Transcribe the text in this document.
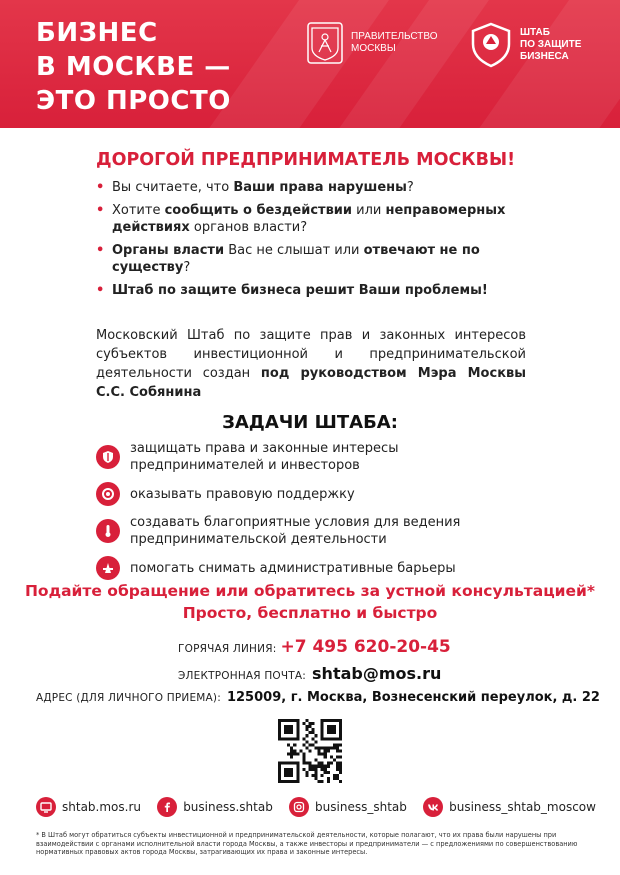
БИЗНЕС
В МОСКВЕ —
ЭТО ПРОСТО
ПРАВИТЕЛЬСТВО
МОСКВЫ
ШТАБ
ПО ЗАЩИТЕ
БИЗНЕСА
ДОРОГОЙ ПРЕДПРИНИМАТЕЛЬ МОСКВЫ!
• Вы считаете, что Ваши права нарушены?
• Хотите сообщить о бездействии или неправомерных действиях органов власти?
• Органы власти Вас не слышат или отвечают не по существу?
• Штаб по защите бизнеса решит Ваши проблемы!
Московский Штаб по защите прав и законных интересов субъектов инвестиционной и предпринимательской деятельности создан под руководством Мэра Москвы С.С. Собянина
ЗАДАЧИ ШТАБА:
защищать права и законные интересы предпринимателей и инвесторов
оказывать правовую поддержку
создавать благоприятные условия для ведения предпринимательской деятельности
помогать снимать административные барьеры
Подайте обращение или обратитесь за устной консультацией*
Просто, бесплатно и быстро
ГОРЯЧАЯ ЛИНИЯ: +7 495 620-20-45
ЭЛЕКТРОННАЯ ПОЧТА: shtab@mos.ru
АДРЕС (ДЛЯ ЛИЧНОГО ПРИЕМА): 125009, г. Москва, Вознесенский переулок, д. 22
shtab.mos.ru	business.shtab	business_shtab	business_shtab_moscow
* В Штаб могут обратиться субъекты инвестиционной и предпринимательской деятельности, которые полагают, что их права были нарушены при взаимодействии с органами исполнительной власти города Москвы, а также инвесторы и предприниматели — с предложениями по совершенствованию нормативных правовых актов города Москвы, затрагивающих их права и законные интересы.
